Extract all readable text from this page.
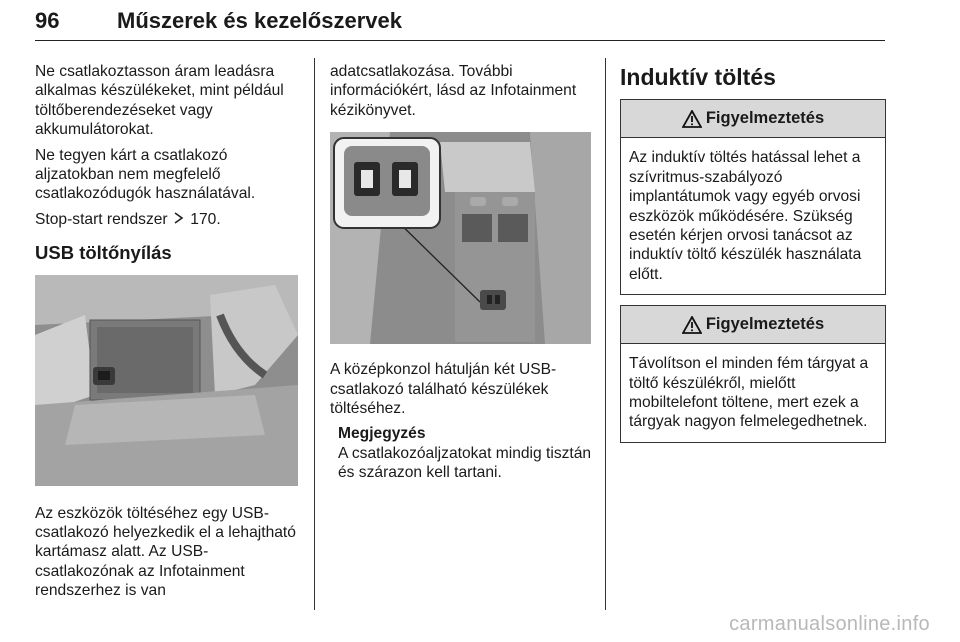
96	Műszerek és kezelőszervek

Ne csatlakoztasson áram leadásra alkalmas készülékeket, mint például töltőberendezéseket vagy akkumulátorokat.

Ne tegyen kárt a csatlakozó aljzatokban nem megfelelő csatlakozódugók használatával.

Stop-start rendszer 170.

USB töltőnyílás

Az eszközök töltéséhez egy USB-csatlakozó helyezkedik el a lehajtható kartámasz alatt. Az USB-csatlakozónak az Infotainment rendszerhez is van

adatcsatlakozása. További információkért, lásd az Infotainment kézikönyvet.

A középkonzol hátulján két USB-csatlakozó található készülékek töltéséhez.

Megjegyzés
A csatlakozóaljzatokat mindig tisztán és szárazon kell tartani.
Induktív töltés
Figyelmeztetés
Az induktív töltés hatással lehet a szívritmus-szabályozó implantátumok vagy egyéb orvosi eszközök működésére. Szükség esetén kérjen orvosi tanácsot az induktív töltő készülék használata előtt.
Figyelmeztetés
Távolítson el minden fém tárgyat a töltő készülékről, mielőtt mobiltelefont töltene, mert ezek a tárgyak nagyon felmelegedhetnek.
carmanualsonline.info
